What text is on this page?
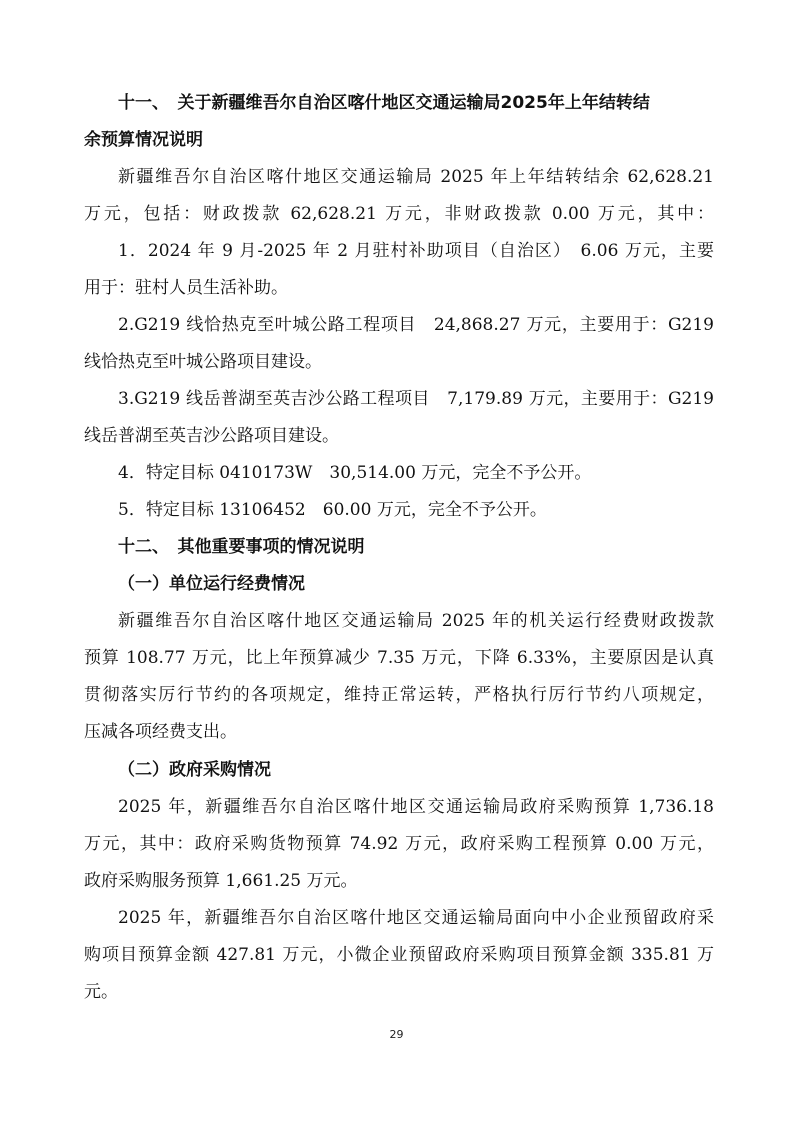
十一、　关于新疆维吾尔自治区喀什地区交通运输局2025年上年结转结
余预算情况说明
新疆维吾尔自治区喀什地区交通运输局 2025 年上年结转结余 62,628.21
万元，包括：财政拨款 62,628.21 万元，非财政拨款 0.00 万元，其中：
1．2024 年 9 月-2025 年 2 月驻村补助项目（自治区）　6.06 万元，主要
用于：驻村人员生活补助。
2.G219 线恰热克至叶城公路工程项目　24,868.27 万元，主要用于：G219
线恰热克至叶城公路项目建设。
3.G219 线岳普湖至英吉沙公路工程项目　7,179.89 万元，主要用于：G219
线岳普湖至英吉沙公路项目建设。
4．特定目标 0410173W　30,514.00 万元，完全不予公开。
5．特定目标 13106452　60.00 万元，完全不予公开。
十二、　其他重要事项的情况说明
（一）单位运行经费情况
新疆维吾尔自治区喀什地区交通运输局 2025 年的机关运行经费财政拨款
预算 108.77 万元，比上年预算减少 7.35 万元，下降 6.33%，主要原因是认真
贯彻落实厉行节约的各项规定，维持正常运转，严格执行厉行节约八项规定，
压减各项经费支出。
（二）政府采购情况
2025 年，新疆维吾尔自治区喀什地区交通运输局政府采购预算 1,736.18
万元，其中：政府采购货物预算 74.92 万元，政府采购工程预算 0.00 万元，
政府采购服务预算 1,661.25 万元。
2025 年，新疆维吾尔自治区喀什地区交通运输局面向中小企业预留政府采
购项目预算金额 427.81 万元，小微企业预留政府采购项目预算金额 335.81 万
元。
29
